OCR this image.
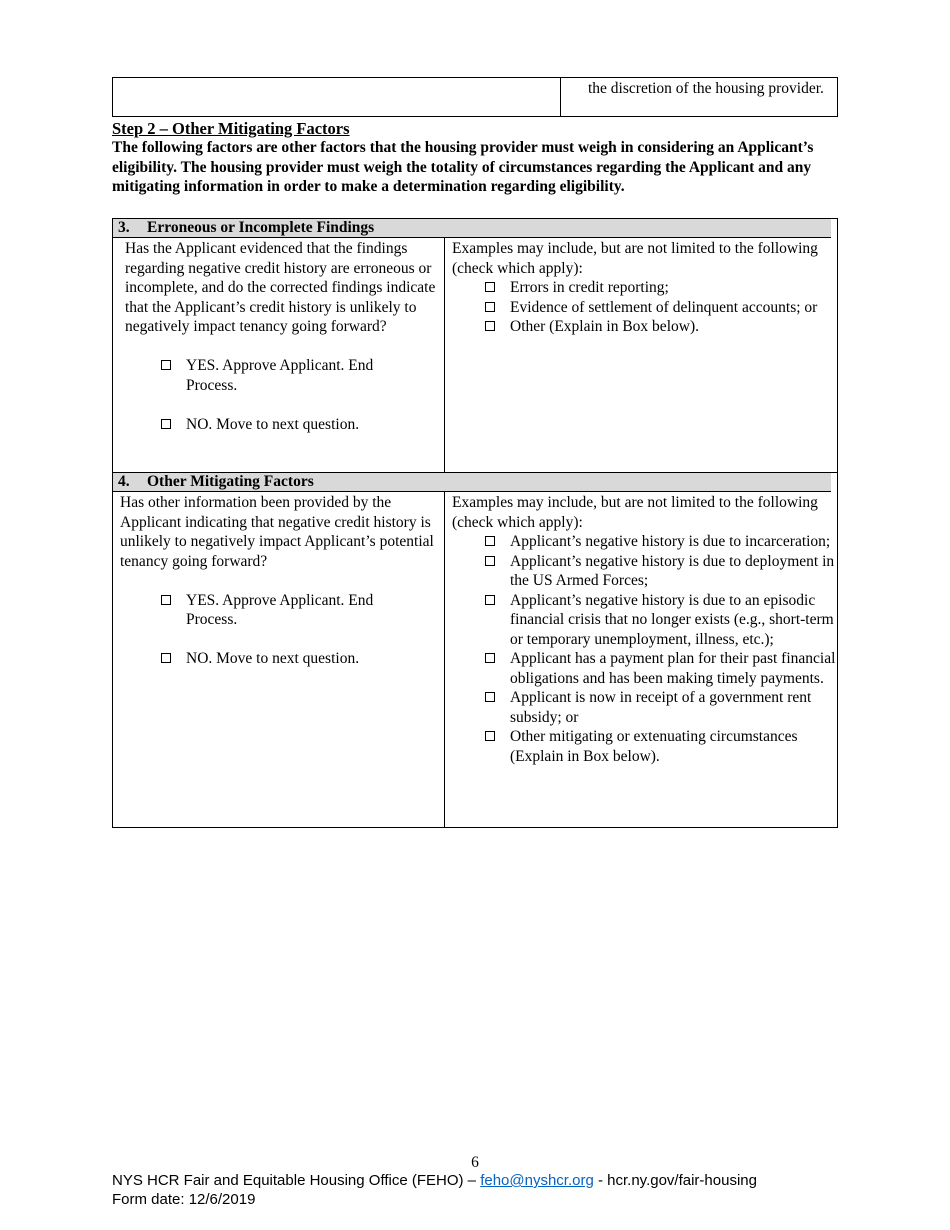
the discretion of the housing provider.
Step 2 – Other Mitigating Factors
The following factors are other factors that the housing provider must weigh in considering an Applicant’s eligibility. The housing provider must weigh the totality of circumstances regarding the Applicant and any mitigating information in order to make a determination regarding eligibility.
3. Erroneous or Incomplete Findings
Has the Applicant evidenced that the findings regarding negative credit history are erroneous or incomplete, and do the corrected findings indicate that the Applicant’s credit history is unlikely to negatively impact tenancy going forward?
YES. Approve Applicant. End Process.
NO. Move to next question.
Examples may include, but are not limited to the following (check which apply):
Errors in credit reporting;
Evidence of settlement of delinquent accounts; or
Other (Explain in Box below).
4. Other Mitigating Factors
Has other information been provided by the Applicant indicating that negative credit history is unlikely to negatively impact Applicant’s potential tenancy going forward?
YES. Approve Applicant. End Process.
NO. Move to next question.
Examples may include, but are not limited to the following (check which apply):
Applicant’s negative history is due to incarceration;
Applicant’s negative history is due to deployment in the US Armed Forces;
Applicant’s negative history is due to an episodic financial crisis that no longer exists (e.g., short-term or temporary unemployment, illness, etc.);
Applicant has a payment plan for their past financial obligations and has been making timely payments.
Applicant is now in receipt of a government rent subsidy; or
Other mitigating or extenuating circumstances (Explain in Box below).
6
NYS HCR Fair and Equitable Housing Office (FEHO) – feho@nyshcr.org - hcr.ny.gov/fair-housing
Form date: 12/6/2019
